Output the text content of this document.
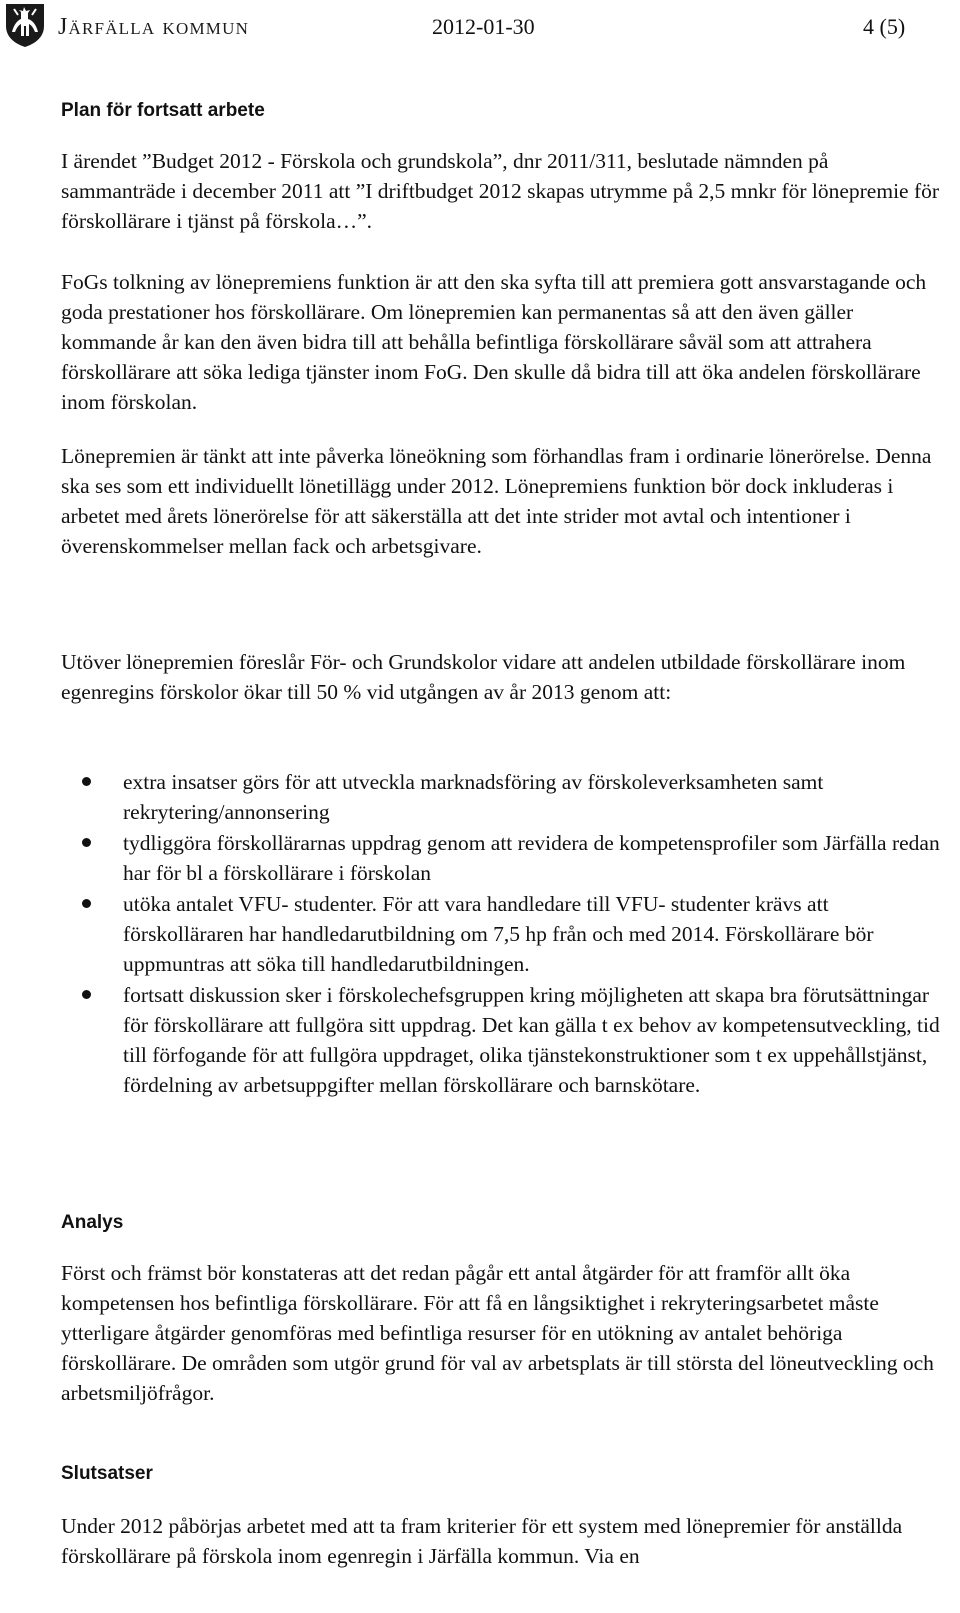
Järfälla kommun	2012-01-30	4 (5)
Plan för fortsatt arbete
I ärendet ”Budget 2012 - Förskola och grundskola”, dnr 2011/311, beslutade nämnden på sammanträde i december 2011 att ”I driftbudget 2012 skapas utrymme på 2,5 mnkr för lönepremie för förskollärare i tjänst på förskola…”.
FoGs tolkning av lönepremiens funktion är att den ska syfta till att premiera gott ansvarstagande och goda prestationer hos förskollärare. Om lönepremien kan permanentas så att den även gäller kommande år kan den även bidra till att behålla befintliga förskollärare såväl som att attrahera förskollärare att söka lediga tjänster inom FoG. Den skulle då bidra till att öka andelen förskollärare inom förskolan.
Lönepremien är tänkt att inte påverka löneökning som förhandlas fram i ordinarie lönerörelse. Denna ska ses som ett individuellt lönetillägg under 2012. Lönepremiens funktion bör dock inkluderas i arbetet med årets lönerörelse för att säkerställa att det inte strider mot avtal och intentioner i överenskommelser mellan fack och arbetsgivare.
Utöver lönepremien föreslår För- och Grundskolor vidare att andelen utbildade förskollärare inom egenregins förskolor ökar till 50 % vid utgången av år 2013 genom att:
extra insatser görs för att utveckla marknadsföring av förskoleverksamheten samt rekrytering/annonsering
tydliggöra förskollärarnas uppdrag genom att revidera de kompetensprofiler som Järfälla redan har för bl a förskollärare i förskolan
utöka antalet VFU- studenter. För att vara handledare till VFU- studenter krävs att förskolläraren har handledarutbildning om 7,5 hp från och med 2014. Förskollärare bör uppmuntras att söka till handledarutbildningen.
fortsatt diskussion sker i förskolechefsgruppen kring möjligheten att skapa bra förutsättningar för förskollärare att fullgöra sitt uppdrag. Det kan gälla t ex behov av kompetensutveckling, tid till förfogande för att fullgöra uppdraget, olika tjänstekonstruktioner som t ex uppehållstjänst, fördelning av arbetsuppgifter mellan förskollärare och barnskötare.
Analys
Först och främst bör konstateras att det redan pågår ett antal åtgärder för att framför allt öka kompetensen hos befintliga förskollärare. För att få en långsiktighet i rekryteringsarbetet måste ytterligare åtgärder genomföras med befintliga resurser för en utökning av antalet behöriga förskollärare. De områden som utgör grund för val av arbetsplats är till största del löneutveckling och arbetsmiljöfrågor.
Slutsatser
Under 2012 påbörjas arbetet med att ta fram kriterier för ett system med lönepremier för anställda förskollärare på förskola inom egenregin i Järfälla kommun. Via en
